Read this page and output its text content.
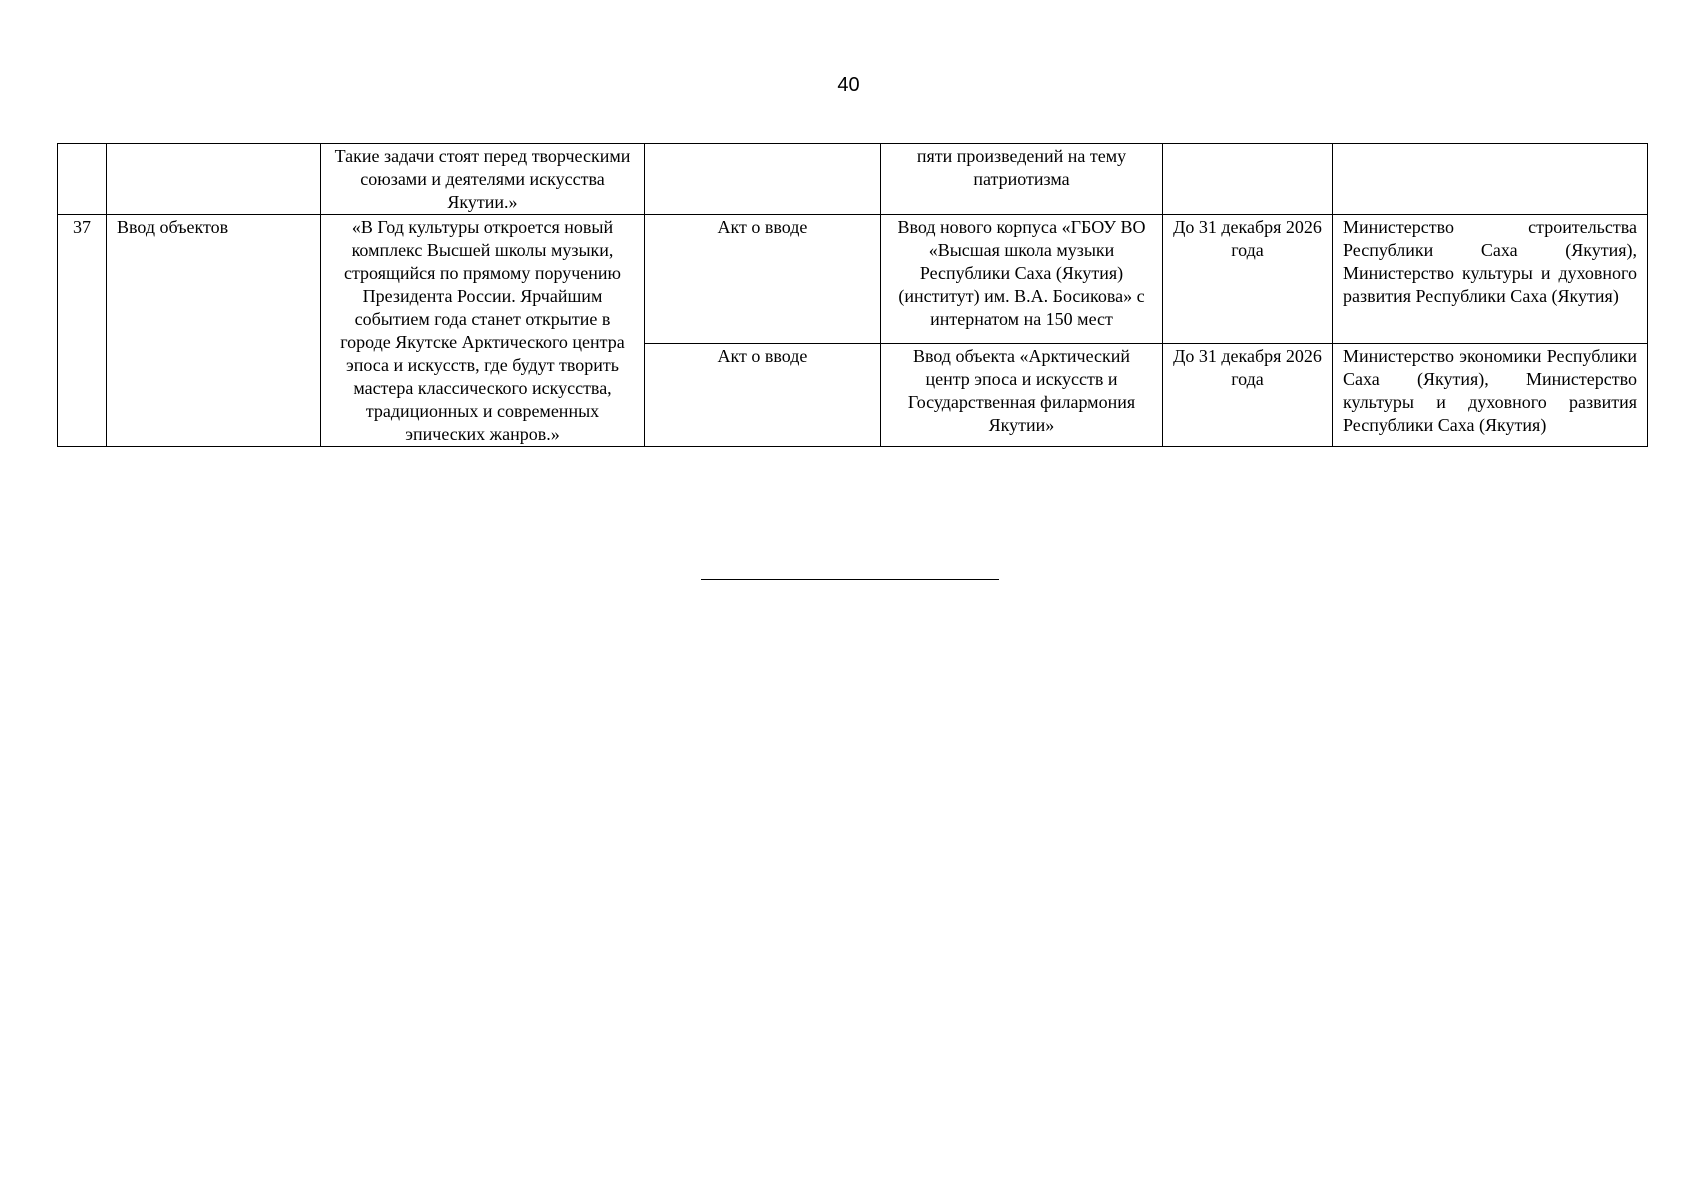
40
		Такие задачи стоят перед творческими союзами и деятелями искусства Якутии.»		пяти произведений на тему патриотизма		
37	Ввод объектов	«В Год культуры откроется новый комплекс Высшей школы музыки, строящийся по прямому поручению Президента России. Ярчайшим событием года станет открытие в городе Якутске Арктического центра эпоса и искусств, где будут творить мастера классического искусства, традиционных и современных эпических жанров.»	Акт о вводе	Ввод нового корпуса «ГБОУ ВО «Высшая школа музыки Республики Саха (Якутия) (институт) им. В.А. Босикова» с интернатом на 150 мест	До 31 декабря 2026 года	Министерство строительства Республики Саха (Якутия), Министерство культуры и духовного развития Республики Саха (Якутия)
			Акт о вводе	Ввод объекта «Арктический центр эпоса и искусств и Государственная филармония Якутии»	До 31 декабря 2026 года	Министерство экономики Республики Саха (Якутия), Министерство культуры и духовного развития Республики Саха (Якутия)
